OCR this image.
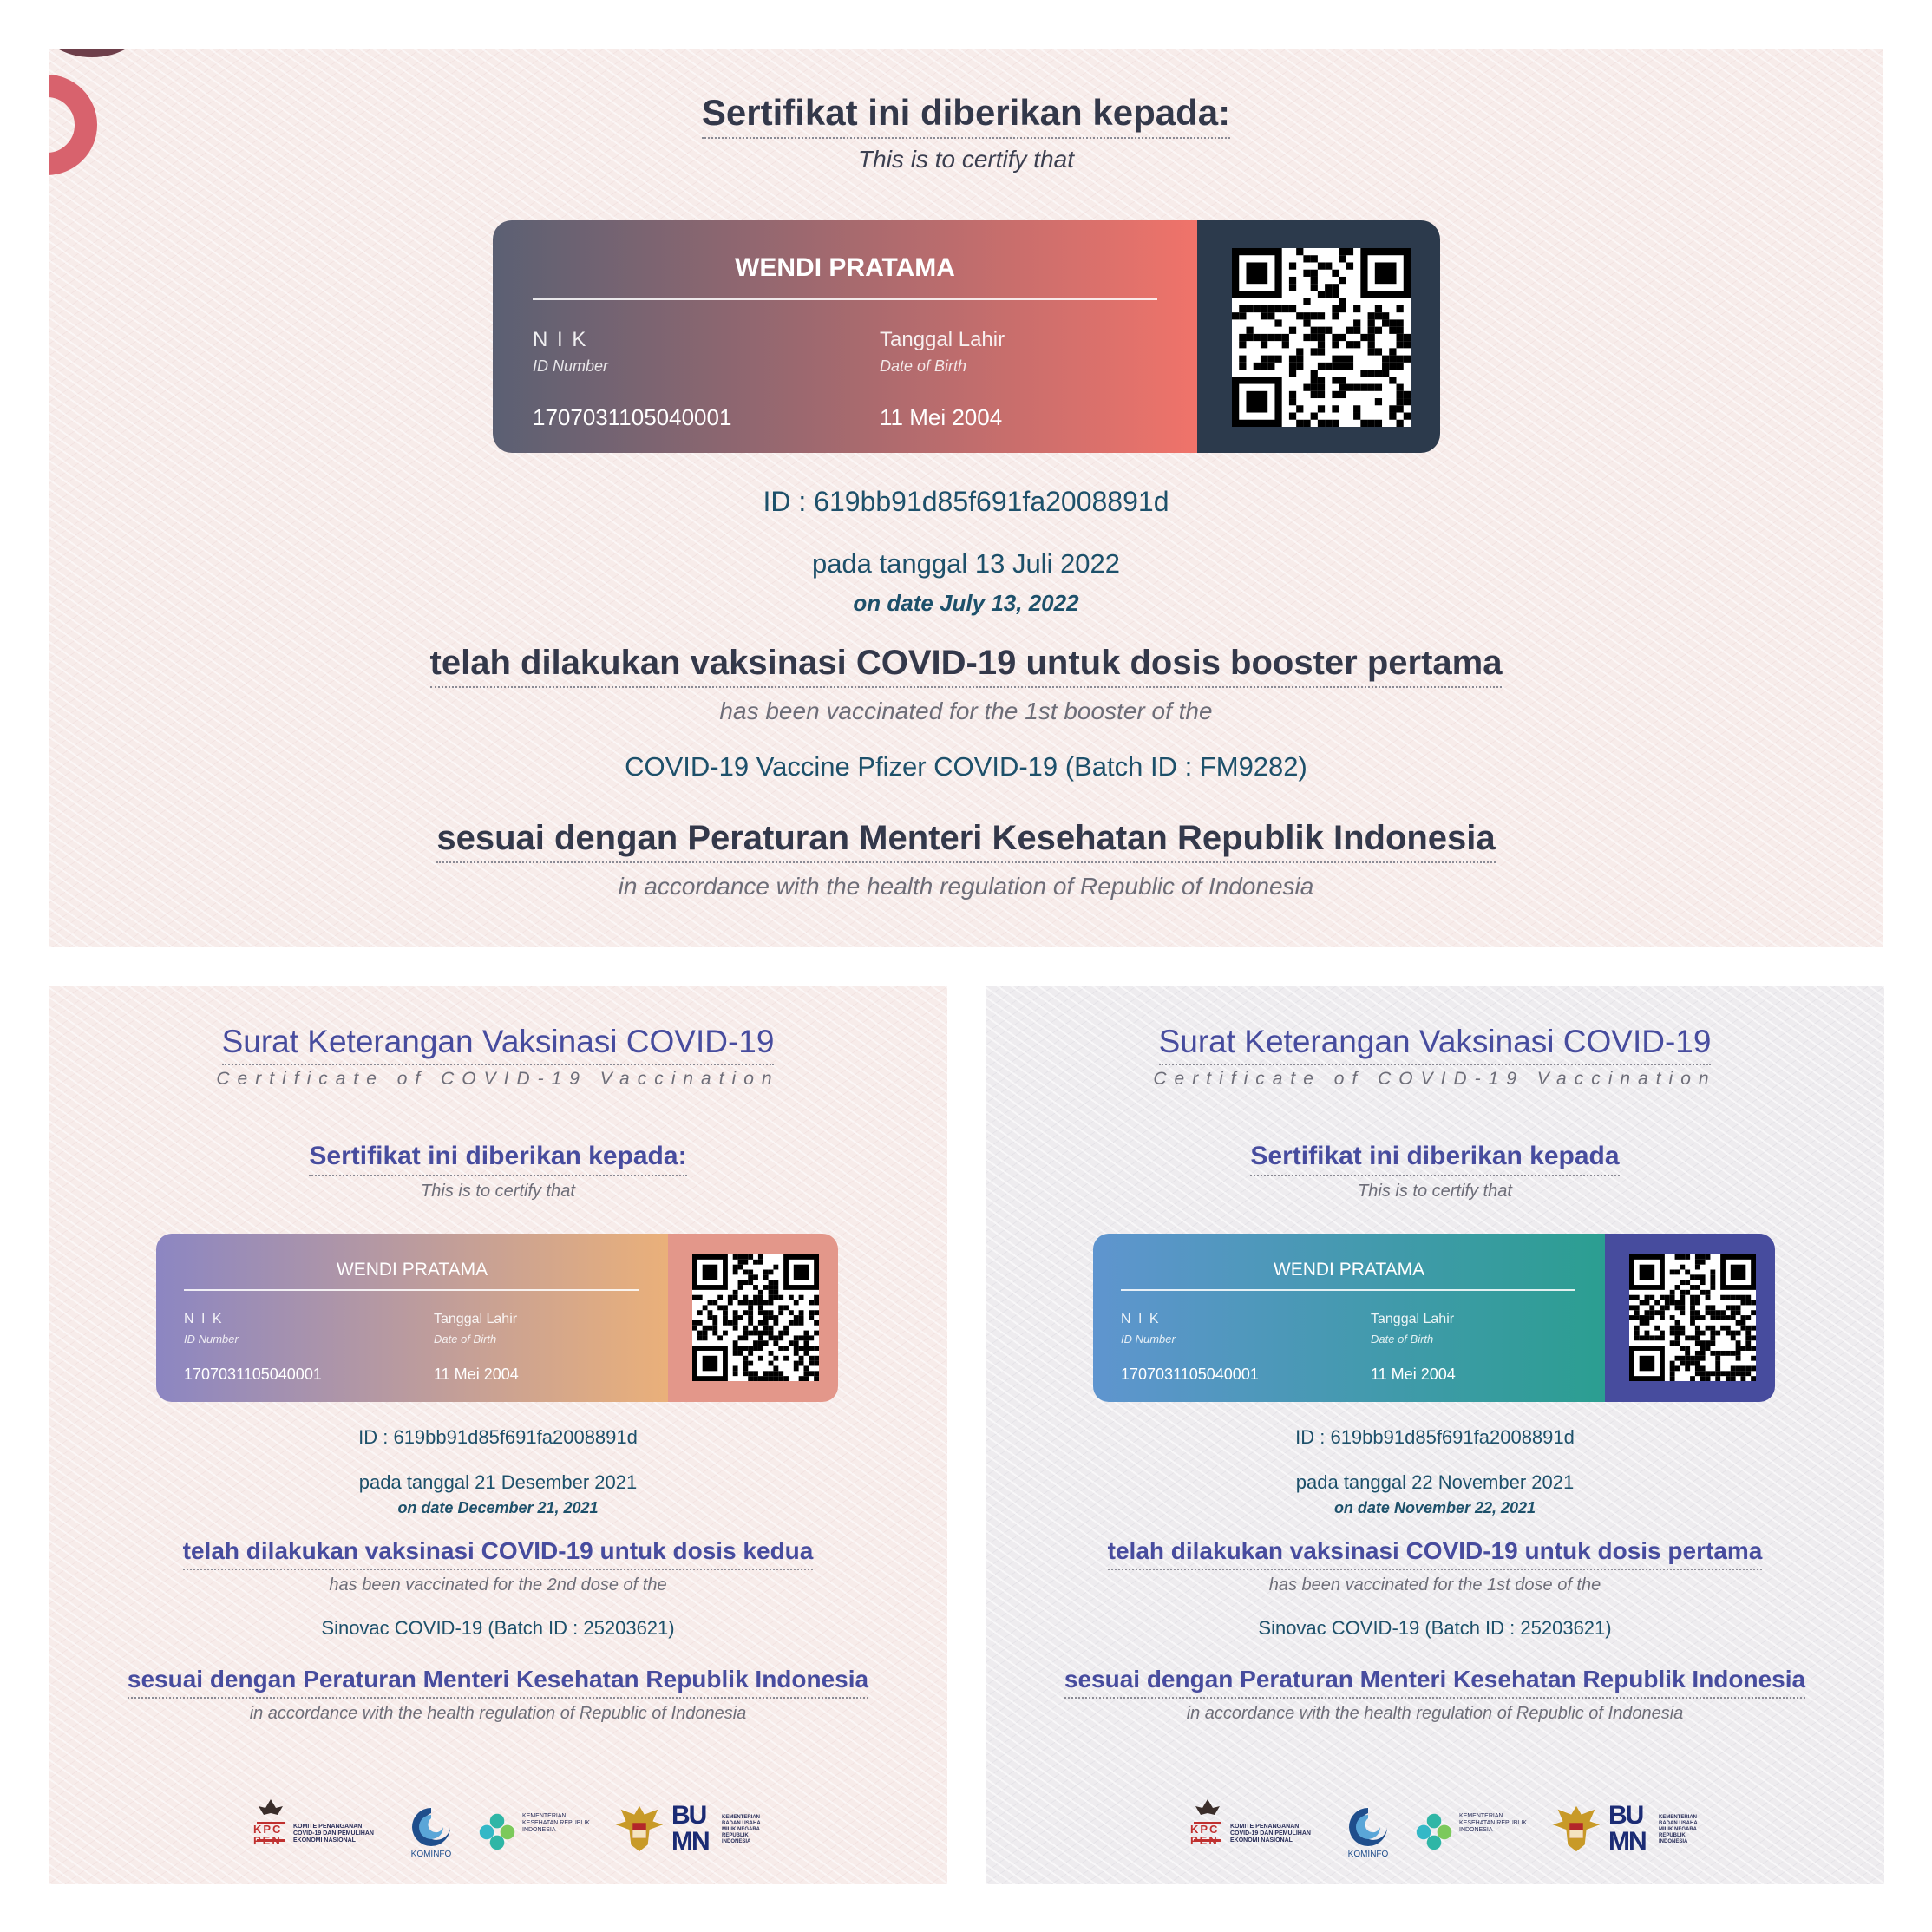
Sertifikat ini diberikan kepada:
This is to certify that
WENDI PRATAMA
N I K
ID Number
1707031105040001
Tanggal Lahir
Date of Birth
11 Mei 2004
ID : 619bb91d85f691fa2008891d
pada tanggal 13 Juli 2022
on date July 13, 2022
telah dilakukan vaksinasi COVID-19 untuk dosis booster pertama
has been vaccinated for the 1st booster of the
COVID-19 Vaccine Pfizer COVID-19 (Batch ID : FM9282)
sesuai dengan Peraturan Menteri Kesehatan Republik Indonesia
in accordance with the health regulation of Republic of Indonesia
Surat Keterangan Vaksinasi COVID-19
Certificate of COVID-19 Vaccination
Sertifikat ini diberikan kepada:
This is to certify that
WENDI PRATAMA
N I K
ID Number
1707031105040001
Tanggal Lahir
Date of Birth
11 Mei 2004
ID : 619bb91d85f691fa2008891d
pada tanggal 21 Desember 2021
on date December 21, 2021
telah dilakukan vaksinasi COVID-19 untuk dosis kedua
has been vaccinated for the 2nd dose of the
Sinovac COVID-19 (Batch ID : 25203621)
sesuai dengan Peraturan Menteri Kesehatan Republik Indonesia
in accordance with the health regulation of Republic of Indonesia
KPC PEN
KOMITE PENANGANAN COVID-19 DAN PEMULIHAN EKONOMI NASIONAL
KOMINFO
KEMENTERIAN KESEHATAN REPUBLIK INDONESIA
BUMN
KEMENTERIAN BADAN USAHA MILIK NEGARA REPUBLIK INDONESIA
Surat Keterangan Vaksinasi COVID-19
Certificate of COVID-19 Vaccination
Sertifikat ini diberikan kepada
This is to certify that
WENDI PRATAMA
N I K
ID Number
1707031105040001
Tanggal Lahir
Date of Birth
11 Mei 2004
ID : 619bb91d85f691fa2008891d
pada tanggal 22 November 2021
on date November 22, 2021
telah dilakukan vaksinasi COVID-19 untuk dosis pertama
has been vaccinated for the 1st dose of the
Sinovac COVID-19 (Batch ID : 25203621)
sesuai dengan Peraturan Menteri Kesehatan Republik Indonesia
in accordance with the health regulation of Republic of Indonesia
KPC PEN
KOMITE PENANGANAN COVID-19 DAN PEMULIHAN EKONOMI NASIONAL
KOMINFO
KEMENTERIAN KESEHATAN REPUBLIK INDONESIA
BUMN
KEMENTERIAN BADAN USAHA MILIK NEGARA REPUBLIK INDONESIA
